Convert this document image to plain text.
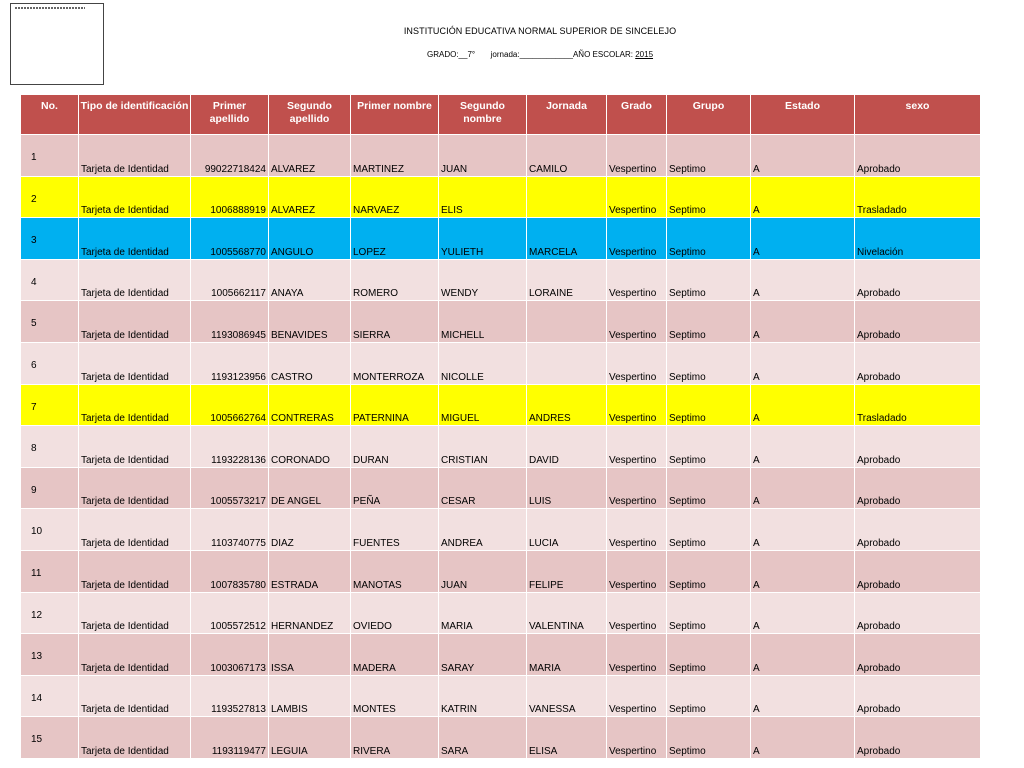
INSTITUCIÓN EDUCATIVA NORMAL SUPERIOR DE SINCELEJO
GRADO:__7° jornada:____________AÑO ESCOLAR: 2015
No.	Tipo de identificación	Primer apellido	Segundo apellido	Primer nombre	Segundo nombre	Jornada	Grado	Grupo	Estado	sexo

1	Tarjeta de Identidad	99022718424	ALVAREZ	MARTINEZ	JUAN	CAMILO	Vespertino	Septimo	A	Aprobado

2	Tarjeta de Identidad	1006888919	ALVAREZ	NARVAEZ	ELIS		Vespertino	Septimo	A	Trasladado

3	Tarjeta de Identidad	1005568770	ANGULO	LOPEZ	YULIETH	MARCELA	Vespertino	Septimo	A	Nivelación

4	Tarjeta de Identidad	1005662117	ANAYA	ROMERO	WENDY	LORAINE	Vespertino	Septimo	A	Aprobado

5	Tarjeta de Identidad	1193086945	BENAVIDES	SIERRA	MICHELL		Vespertino	Septimo	A	Aprobado

6	Tarjeta de Identidad	1193123956	CASTRO	MONTERROZA	NICOLLE		Vespertino	Septimo	A	Aprobado

7	Tarjeta de Identidad	1005662764	CONTRERAS	PATERNINA	MIGUEL	ANDRES	Vespertino	Septimo	A	Trasladado

8	Tarjeta de Identidad	1193228136	CORONADO	DURAN	CRISTIAN	DAVID	Vespertino	Septimo	A	Aprobado

9	Tarjeta de Identidad	1005573217	DE ANGEL	PEÑA	CESAR	LUIS	Vespertino	Septimo	A	Aprobado

10	Tarjeta de Identidad	1103740775	DIAZ	FUENTES	ANDREA	LUCIA	Vespertino	Septimo	A	Aprobado

11	Tarjeta de Identidad	1007835780	ESTRADA	MANOTAS	JUAN	FELIPE	Vespertino	Septimo	A	Aprobado

12	Tarjeta de Identidad	1005572512	HERNANDEZ	OVIEDO	MARIA	VALENTINA	Vespertino	Septimo	A	Aprobado

13	Tarjeta de Identidad	1003067173	ISSA	MADERA	SARAY	MARIA	Vespertino	Septimo	A	Aprobado

14	Tarjeta de Identidad	1193527813	LAMBIS	MONTES	KATRIN	VANESSA	Vespertino	Septimo	A	Aprobado

15	Tarjeta de Identidad	1193119477	LEGUIA	RIVERA	SARA	ELISA	Vespertino	Septimo	A	Aprobado
